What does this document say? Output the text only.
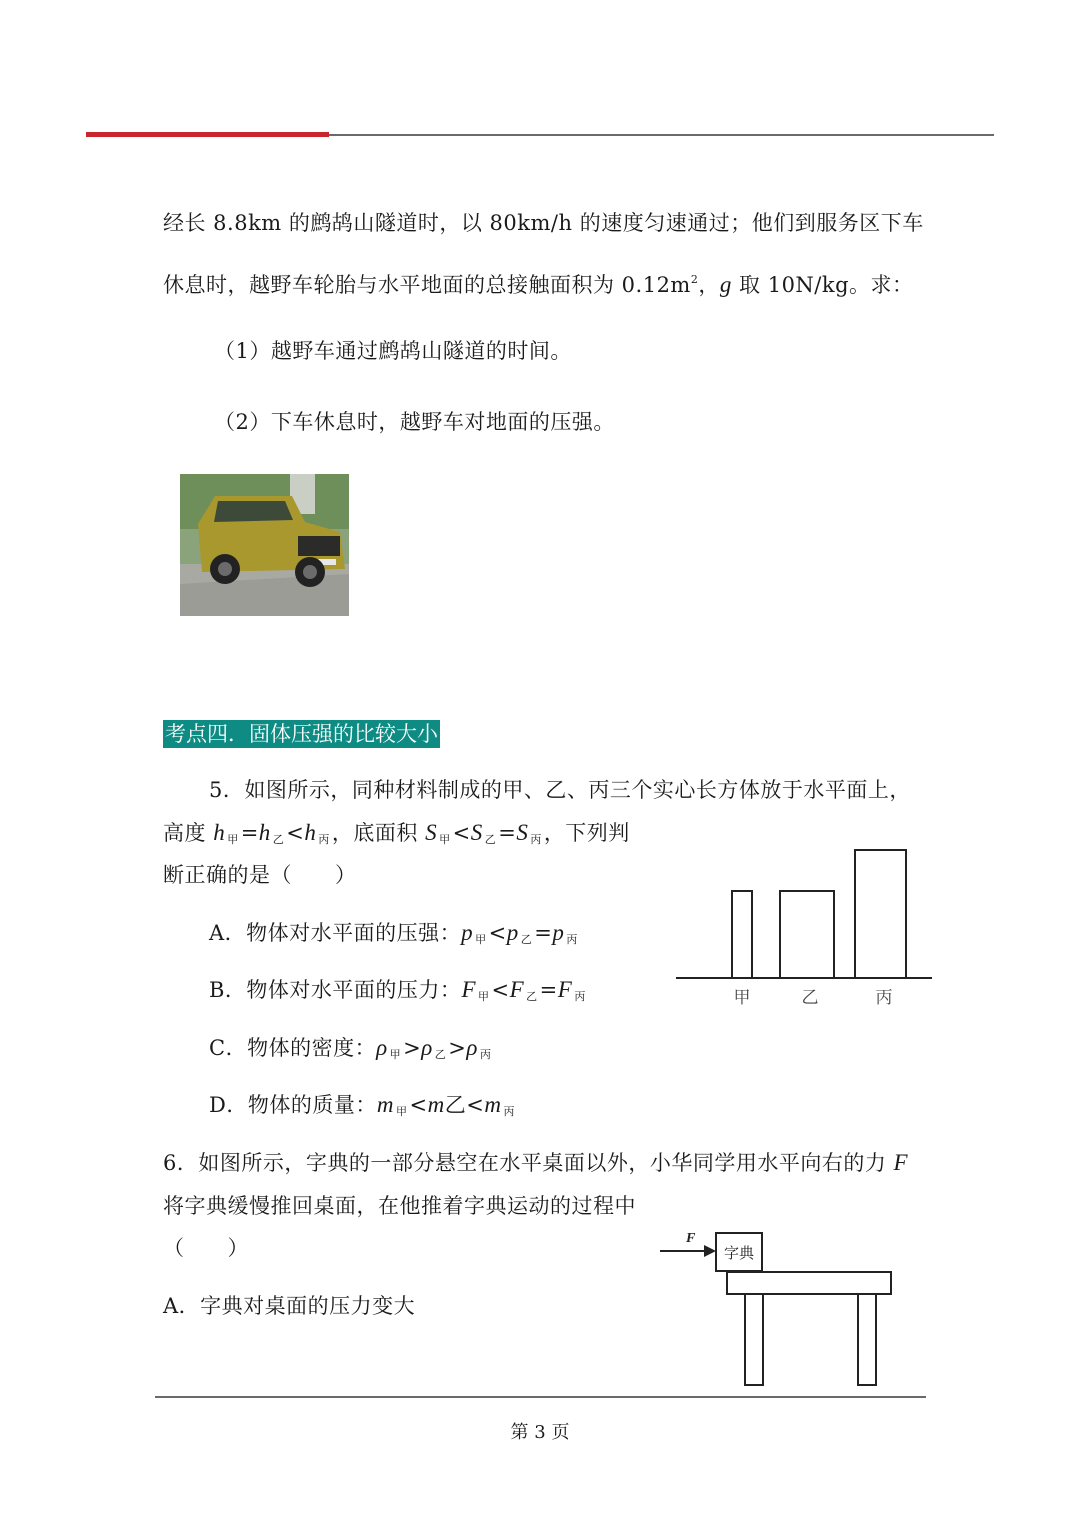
经长 8.8km 的鹧鸪山隧道时，以 80km/h 的速度匀速通过；他们到服务区下车
休息时，越野车轮胎与水平地面的总接触面积为 $0.12m^2$，g 取 10N/kg。求：
（1）越野车通过鹧鸪山隧道的时间。
（2）下车休息时，越野车对地面的压强。
考点四．固体压强的比较大小
5．如图所示，同种材料制成的甲、乙、丙三个实心长方体放于水平面上，
高度 h $_甲$=h $_乙$<h $_丙$，底面积 S $_甲$<S $_乙$=S $_丙$，下列判
断正确的是（　　）
A．物体对水平面的压强：p $_甲$<p $_乙$=p $_丙$
B．物体对水平面的压力：F $_甲$<F $_乙$=F $_丙$
C．物体的密度：ρ $_甲$>ρ $_乙$>ρ $_丙$
D．物体的质量：m $_甲$<m乙<m $_丙$
甲	乙	丙
6．如图所示，字典的一部分悬空在水平桌面以外，小华同学用水平向右的力 F
将字典缓慢推回桌面，在他推着字典运动的过程中
（　　）
A．字典对桌面的压力变大
F
字典
第 3 页
